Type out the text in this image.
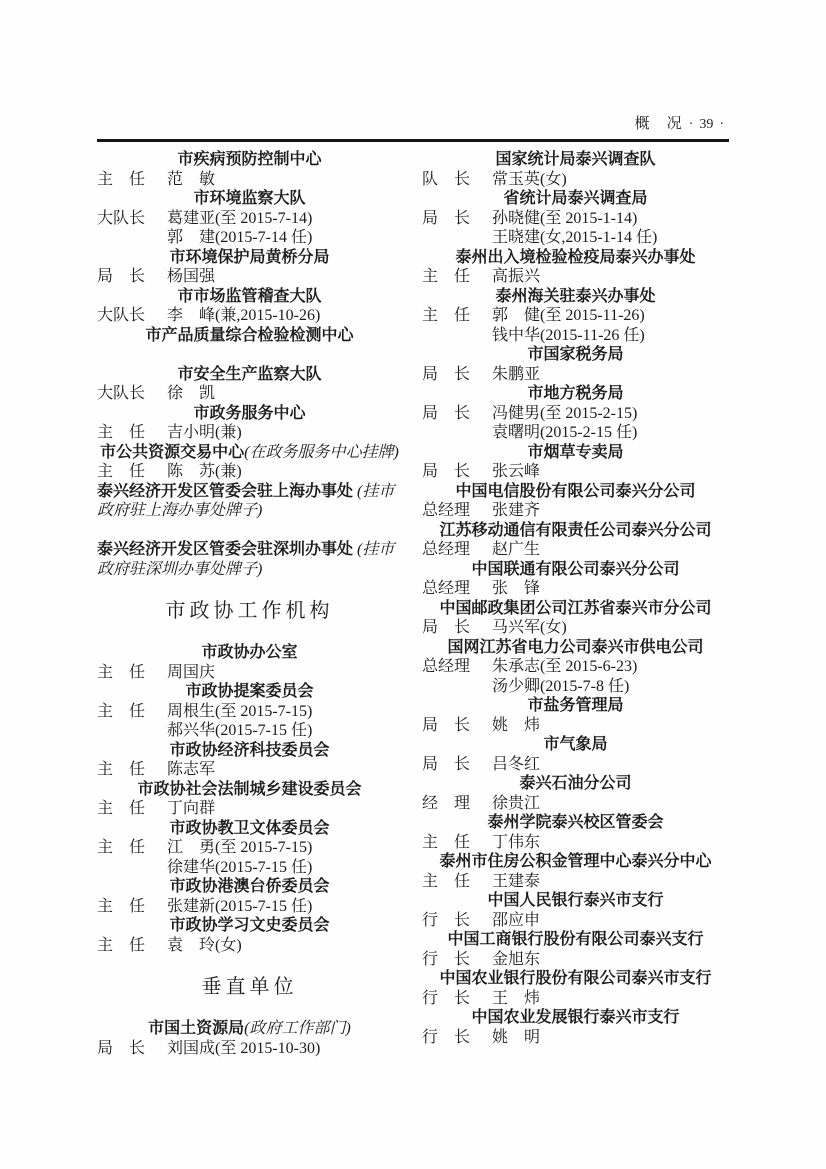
概　况 · 39 ·
市疾病预防控制中心
主　任 范　敏
市环境监察大队
大队长 葛建亚(至 2015-7-14)
郭　建(2015-7-14 任)
市环境保护局黄桥分局
局　长 杨国强
市市场监管稽查大队
大队长 李　峰(兼,2015-10-26)
市产品质量综合检验检测中心
市安全生产监察大队
大队长 徐　凯
市政务服务中心
主　任 吉小明(兼)
市公共资源交易中心(在政务服务中心挂牌)
主　任 陈　苏(兼)
泰兴经济开发区管委会驻上海办事处 (挂市政府驻上海办事处牌子)
泰兴经济开发区管委会驻深圳办事处 (挂市政府驻深圳办事处牌子)
市政协工作机构
市政协办公室
主　任 周国庆
市政协提案委员会
主　任 周根生(至 2015-7-15)
郝兴华(2015-7-15 任)
市政协经济科技委员会
主　任 陈志军
市政协社会法制城乡建设委员会
主　任 丁向群
市政协教卫文体委员会
主　任 江　勇(至 2015-7-15)
徐建华(2015-7-15 任)
市政协港澳台侨委员会
主　任 张建新(2015-7-15 任)
市政协学习文史委员会
主　任 袁　玲(女)
垂直单位
市国土资源局(政府工作部门)
局　长 刘国成(至 2015-10-30)
国家统计局泰兴调查队
队　长 常玉英(女)
省统计局泰兴调查局
局　长 孙晓健(至 2015-1-14)
王晓建(女,2015-1-14 任)
泰州出入境检验检疫局泰兴办事处
主　任 高振兴
泰州海关驻泰兴办事处
主　任 郭　健(至 2015-11-26)
钱中华(2015-11-26 任)
市国家税务局
局　长 朱鹏亚
市地方税务局
局　长 冯健男(至 2015-2-15)
袁曙明(2015-2-15 任)
市烟草专卖局
局　长 张云峰
中国电信股份有限公司泰兴分公司
总经理 张建齐
江苏移动通信有限责任公司泰兴分公司
总经理 赵广生
中国联通有限公司泰兴分公司
总经理 张　锋
中国邮政集团公司江苏省泰兴市分公司
局　长 马兴军(女)
国网江苏省电力公司泰兴市供电公司
总经理 朱承志(至 2015-6-23)
汤少卿(2015-7-8 任)
市盐务管理局
局　长 姚　炜
市气象局
局　长 吕冬红
泰兴石油分公司
经　理 徐贵江
泰州学院泰兴校区管委会
主　任 丁伟东
泰州市住房公积金管理中心泰兴分中心
主　任 王建泰
中国人民银行泰兴市支行
行　长 邵应申
中国工商银行股份有限公司泰兴支行
行　长 金旭东
中国农业银行股份有限公司泰兴市支行
行　长 王　炜
中国农业发展银行泰兴市支行
行　长 姚　明
